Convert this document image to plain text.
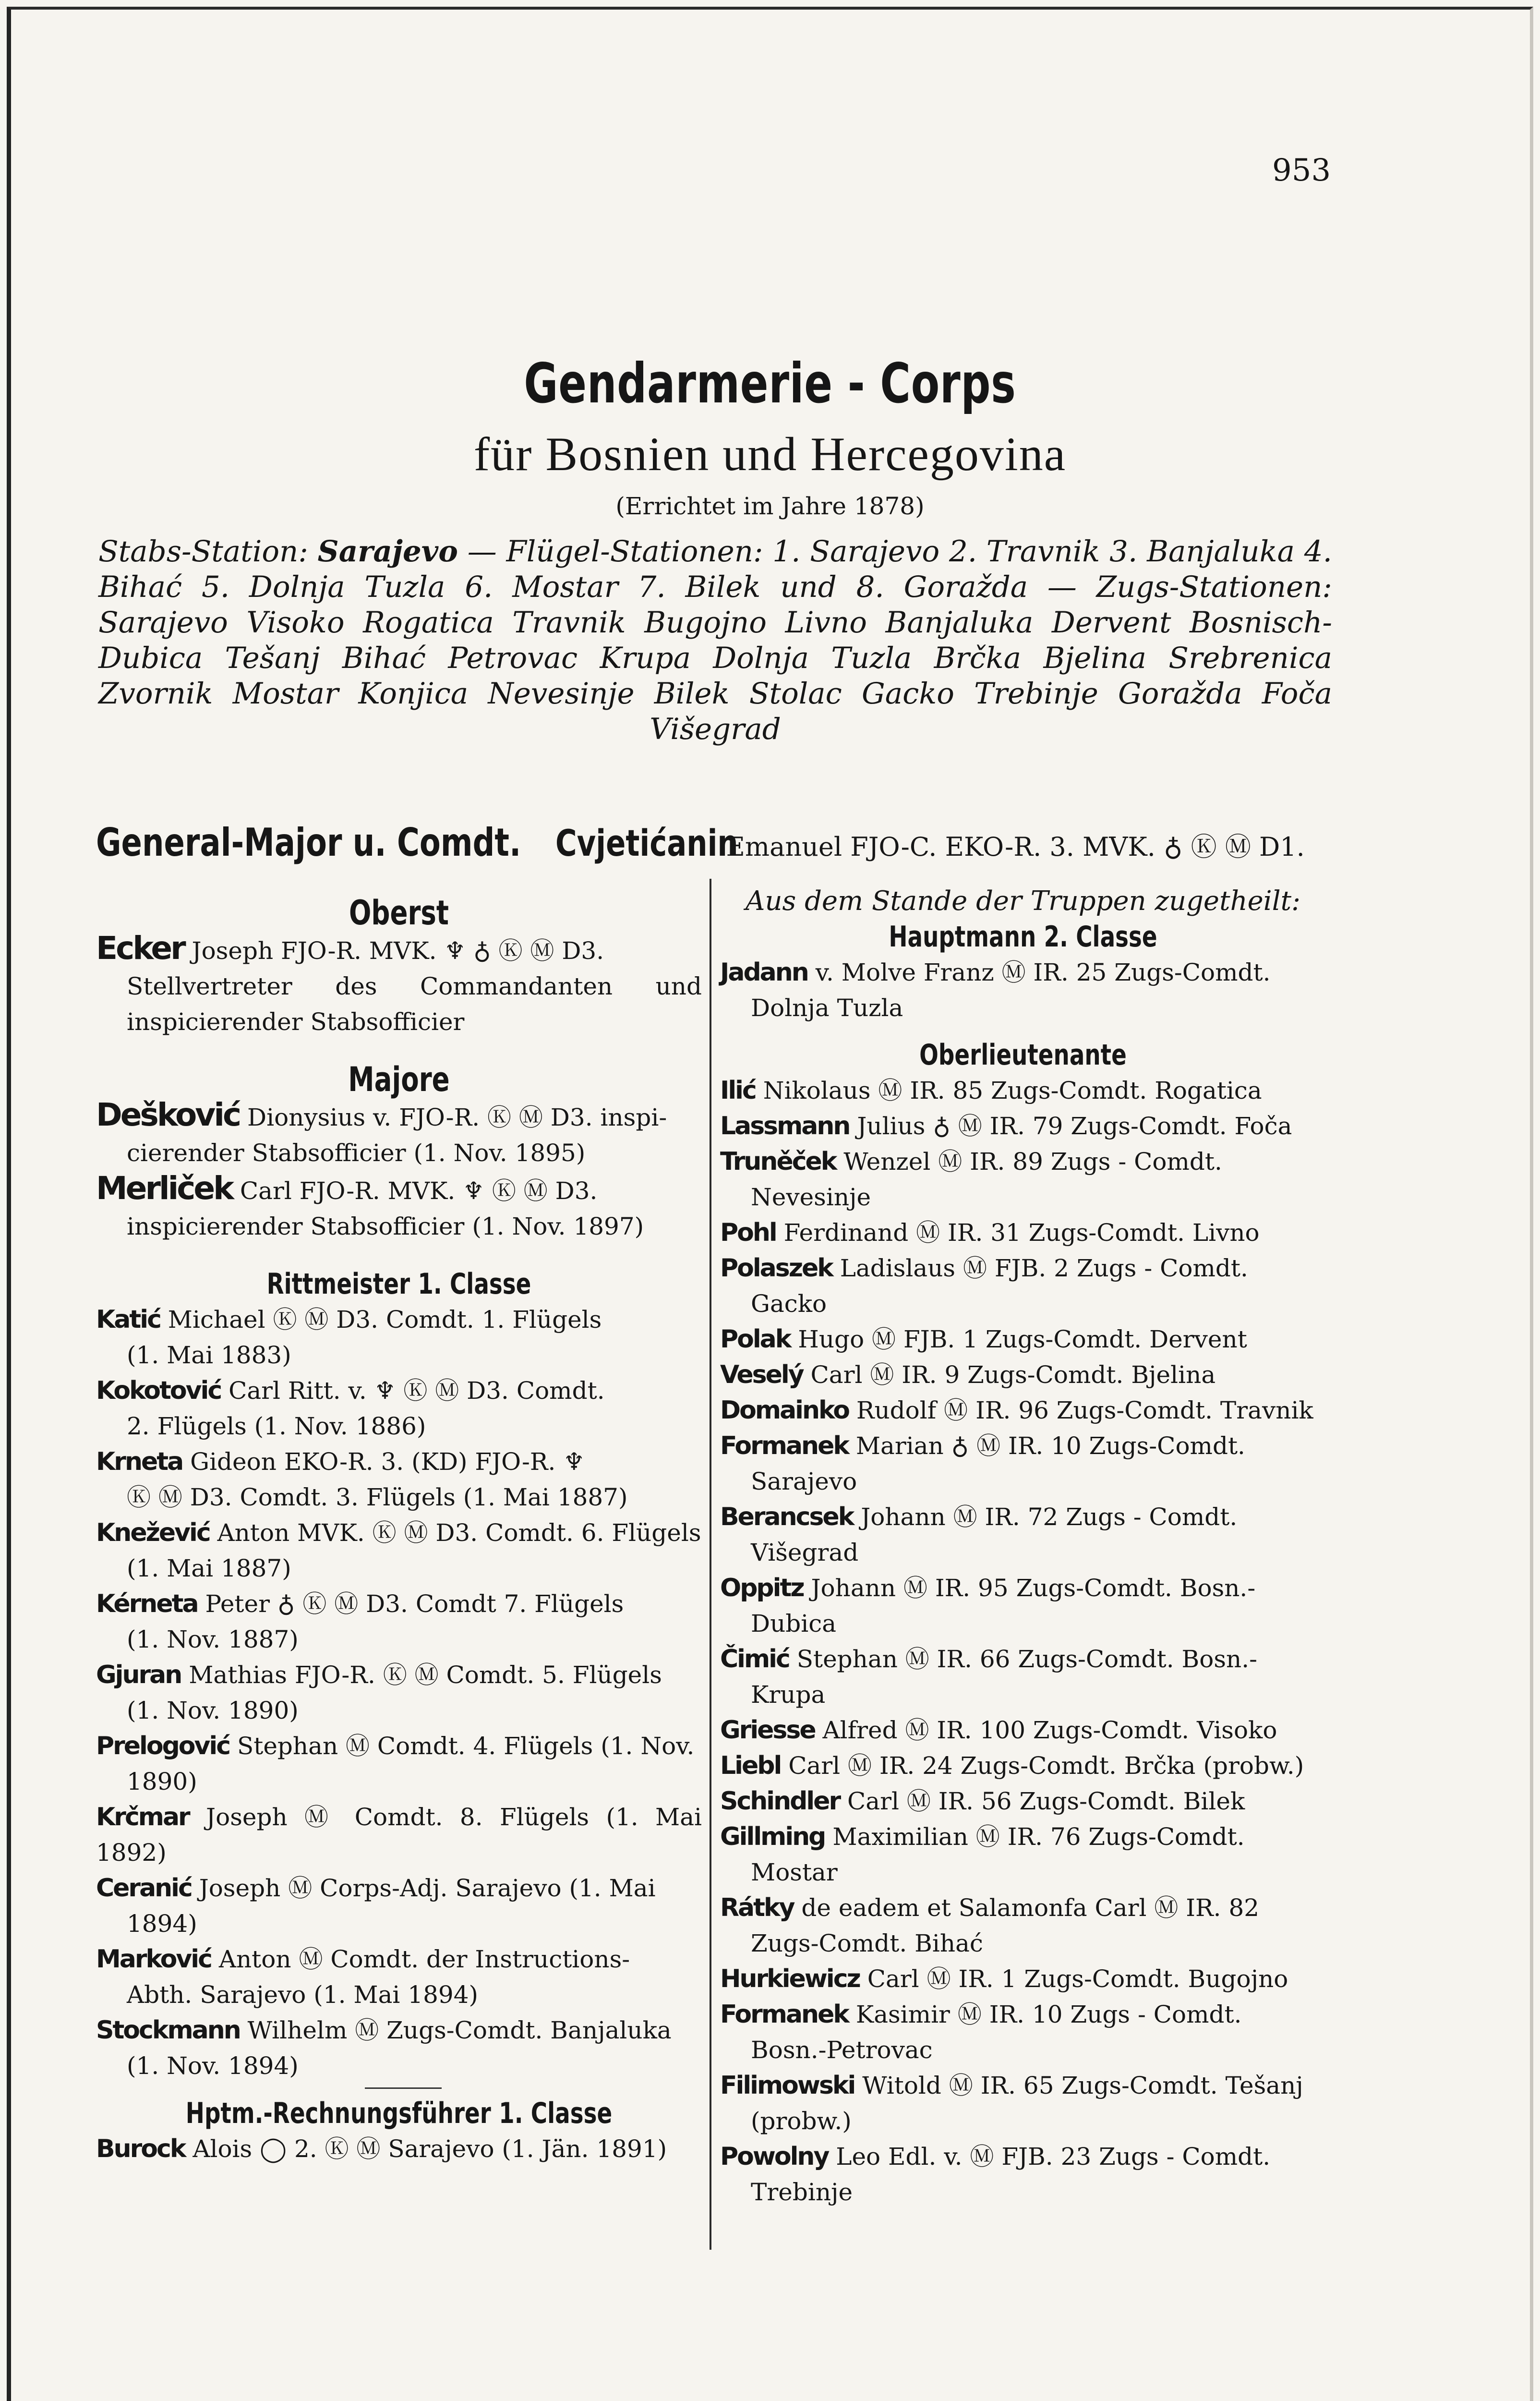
953
Gendarmerie - Corps
für Bosnien und Hercegovina
(Errichtet im Jahre 1878)
Stabs-Station: Sarajevo — Flügel-Stationen: 1. Sarajevo 2. Travnik 3. Banjaluka 4. Bihać 5. Dolnja Tuzla 6. Mostar 7. Bilek und 8. Goražda — Zugs-Stationen: Sarajevo Visoko Rogatica Travnik Bugojno Livno Banjaluka Dervent Bosnisch-Dubica Tešanj Bihać Petrovac Krupa Dolnja Tuzla Brčka Bjelina Srebrenica Zvornik Mostar Konjica Nevesinje Bilek Stolac Gacko Trebinje Goražda Foča Višegrad
General-Major u. Comdt. CvjetićaninEmanuel FJO-C. EKO-R. 3. MVK. ♁ Ⓚ Ⓜ D1.

Oberst

Ecker Joseph FJO-R. MVK. ♆ ♁ Ⓚ Ⓜ D3.
Stellvertreter des Commandanten und inspicierender Stabsofficier

Majore

Dešković Dionysius v. FJO-R. Ⓚ Ⓜ D3. inspi-
cierender Stabsofficier (1. Nov. 1895)

Merliček Carl FJO-R. MVK. ♆ Ⓚ Ⓜ D3.
inspicierender Stabsofficier (1. Nov. 1897)

Rittmeister 1. Classe

Katić Michael Ⓚ Ⓜ D3. Comdt. 1. Flügels
(1. Mai 1883)

Kokotović Carl Ritt. v. ♆ Ⓚ Ⓜ D3. Comdt.
2. Flügels (1. Nov. 1886)

Krneta Gideon EKO-R. 3. (KD) FJO-R. ♆
Ⓚ Ⓜ D3. Comdt. 3. Flügels (1. Mai 1887)

Knežević Anton MVK. Ⓚ Ⓜ D3. Comdt. 6. Flügels
(1. Mai 1887)

Kérneta Peter ♁ Ⓚ Ⓜ D3. Comdt 7. Flügels
(1. Nov. 1887)

Gjuran Mathias FJO-R. Ⓚ Ⓜ Comdt. 5. Flügels
(1. Nov. 1890)

Prelogović Stephan Ⓜ Comdt. 4. Flügels (1. Nov.
1890)

Krčmar Joseph Ⓜ Comdt. 8. Flügels (1. Mai 1892)

Ceranić Joseph Ⓜ Corps-Adj. Sarajevo (1. Mai
1894)

Marković Anton Ⓜ Comdt. der Instructions-
Abth. Sarajevo (1. Mai 1894)

Stockmann Wilhelm Ⓜ Zugs-Comdt. Banjaluka
(1. Nov. 1894)

Hptm.-Rechnungsführer 1. Classe

Burock Alois ◯ 2. Ⓚ Ⓜ Sarajevo (1. Jän. 1891)

Aus dem Stande der Truppen zugetheilt:

Hauptmann 2. Classe

Jadann v. Molve Franz Ⓜ IR. 25 Zugs-Comdt.
Dolnja Tuzla

Oberlieutenante

Ilić Nikolaus Ⓜ IR. 85 Zugs-Comdt. Rogatica

Lassmann Julius ♁ Ⓜ IR. 79 Zugs-Comdt. Foča

Truněček Wenzel Ⓜ IR. 89 Zugs - Comdt.
Nevesinje

Pohl Ferdinand Ⓜ IR. 31 Zugs-Comdt. Livno

Polaszek Ladislaus Ⓜ FJB. 2 Zugs - Comdt.
Gacko

Polak Hugo Ⓜ FJB. 1 Zugs-Comdt. Dervent

Veselý Carl Ⓜ IR. 9 Zugs-Comdt. Bjelina

Domainko Rudolf Ⓜ IR. 96 Zugs-Comdt. Travnik

Formanek Marian ♁ Ⓜ IR. 10 Zugs-Comdt.
Sarajevo

Berancsek Johann Ⓜ IR. 72 Zugs - Comdt.
Višegrad

Oppitz Johann Ⓜ IR. 95 Zugs-Comdt. Bosn.-
Dubica

Čimić Stephan Ⓜ IR. 66 Zugs-Comdt. Bosn.-
Krupa

Griesse Alfred Ⓜ IR. 100 Zugs-Comdt. Visoko

Liebl Carl Ⓜ IR. 24 Zugs-Comdt. Brčka (probw.)

Schindler Carl Ⓜ IR. 56 Zugs-Comdt. Bilek

Gillming Maximilian Ⓜ IR. 76 Zugs-Comdt.
Mostar

Rátky de eadem et Salamonfa Carl Ⓜ IR. 82
Zugs-Comdt. Bihać

Hurkiewicz Carl Ⓜ IR. 1 Zugs-Comdt. Bugojno

Formanek Kasimir Ⓜ IR. 10 Zugs - Comdt.
Bosn.-Petrovac

Filimowski Witold Ⓜ IR. 65 Zugs-Comdt. Tešanj
(probw.)

Powolny Leo Edl. v. Ⓜ FJB. 23 Zugs - Comdt.
Trebinje
